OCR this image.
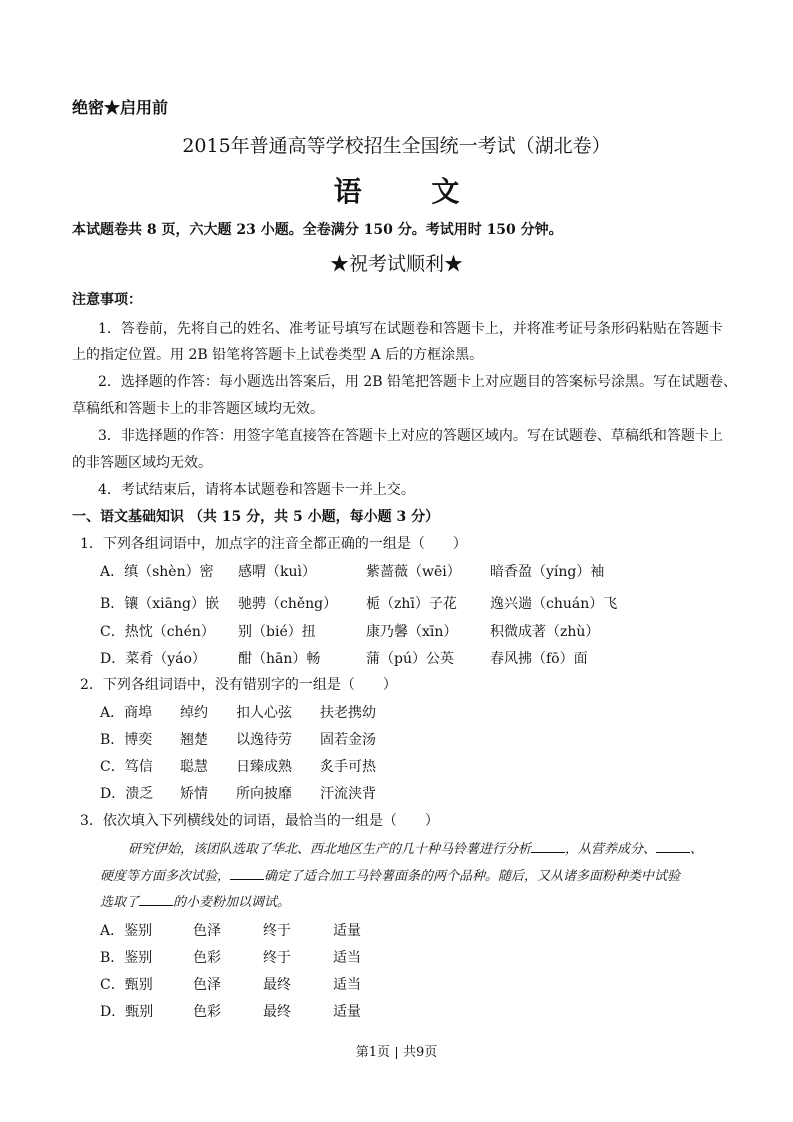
绝密★启用前
2015年普通高等学校招生全国统一考试（湖北卷）
语 文
本试题卷共 8 页，六大题 23 小题。全卷满分 150 分。考试用时 150 分钟。
★祝考试顺利★
注意事项：
1．答卷前，先将自己的姓名、准考证号填写在试题卷和答题卡上，并将准考证号条形码粘贴在答题卡
上的指定位置。用 2B 铅笔将答题卡上试卷类型 A 后的方框涂黑。
2．选择题的作答：每小题选出答案后，用 2B 铅笔把答题卡上对应题目的答案标号涂黑。写在试题卷、
草稿纸和答题卡上的非答题区域均无效。
3．非选择题的作答：用签字笔直接答在答题卡上对应的答题区域内。写在试题卷、草稿纸和答题卡上
的非答题区域均无效。
4．考试结束后，请将本试题卷和答题卡一并上交。
一、语文基础知识 （共 15 分，共 5 小题，每小题 3 分）
1．下列各组词语中，加点字的注音全都正确的一组是（　　）
A．缜（shèn）密 感喟（kuì）	紫蔷薇（wēi） 暗香盈（yíng）袖
B．镶（xiāng）嵌 驰骋（chěng） 栀（zhī）子花 逸兴遄（chuán）飞
C．热忱（chén） 别（bié）扭	康乃馨（xīn） 积微成著（zhù）
D．菜肴（yáo） 酣（hān）畅	蒲（pú）公英	春风拂（fō）面
2．下列各组词语中，没有错别字的一组是（　　）
A．商埠 绰约 扣人心弦 扶老携幼
B．博奕 翘楚 以逸待劳 固若金汤
C．笃信 聪慧 日臻成熟 炙手可热
D．溃乏 矫情 所向披靡 汗流浃背
3．依次填入下列横线处的词语，最恰当的一组是（　　）
研究伊始，该团队选取了华北、西北地区生产的几十种马铃薯进行分析	，从营养成分、	、
硬度等方面多次试验，	确定了适合加工马铃薯面条的两个品种。随后，又从诸多面粉种类中试验
选取了	的小麦粉加以调试。
A．鉴别	色泽	终于	适量
B．鉴别	色彩	终于	适当
C．甄别	色泽	最终	适当
D．甄别	色彩	最终	适量
第1页 共9页
